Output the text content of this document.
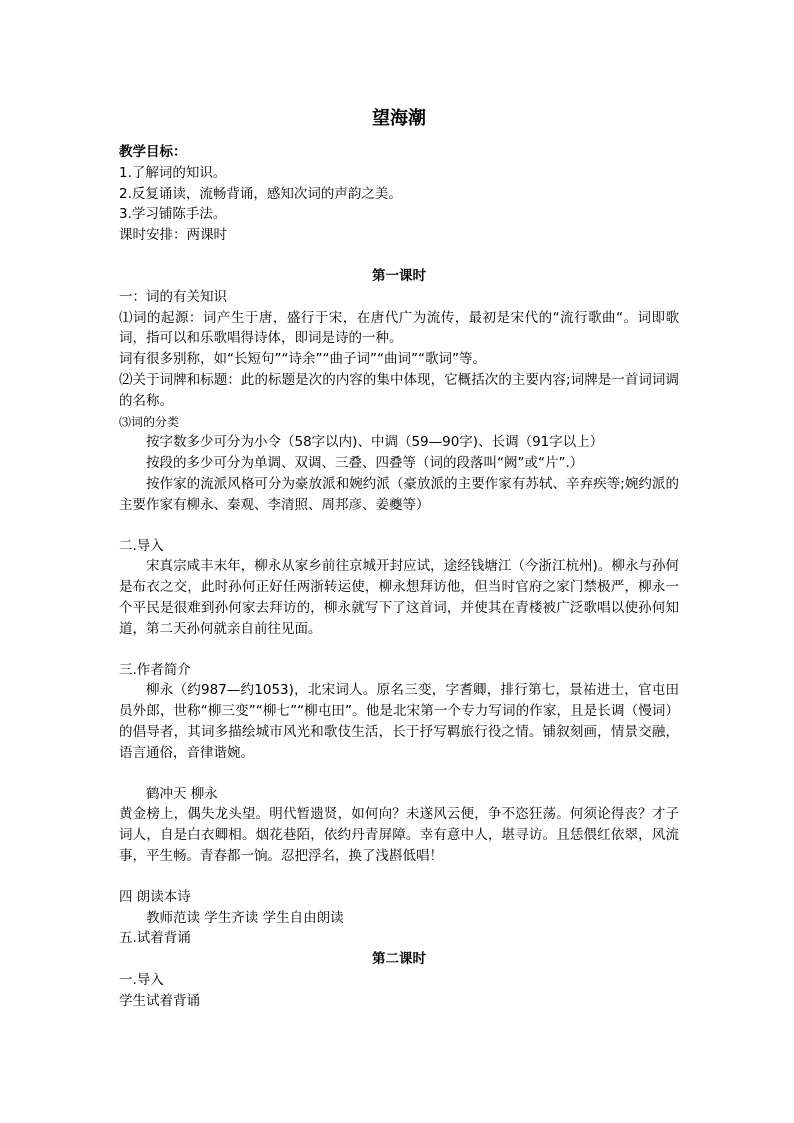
望海潮

教学目标：

1.了解词的知识。

2.反复诵读，流畅背诵，感知次词的声韵之美。

3.学习铺陈手法。

课时安排：两课时

第一课时

一：词的有关知识

⑴词的起源：词产生于唐，盛行于宋，在唐代广为流传，最初是宋代的“流行歌曲“。词即歌词，指可以和乐歌唱得诗体，即词是诗的一种。

词有很多别称，如“长短句”“诗余”“曲子词”“曲词”“歌词”等。

⑵关于词牌和标题：此的标题是次的内容的集中体现，它概括次的主要内容;词牌是一首词词调的名称。

⑶词的分类

按字数多少可分为小令（58字以内)、中调（59—90字)、长调（91字以上）

按段的多少可分为单调、双调、三叠、四叠等（词的段落叫“阙”或“片”.）

按作家的流派风格可分为豪放派和婉约派（豪放派的主要作家有苏轼、辛弃疾等;婉约派的主要作家有柳永、秦观、李清照、周邦彦、姜夔等）

二.导入

宋真宗咸丰末年，柳永从家乡前往京城开封应试，途经钱塘江（今浙江杭州)。柳永与孙何是布衣之交，此时孙何正好任两浙转运使，柳永想拜访他，但当时官府之家门禁极严，柳永一个平民是很难到孙何家去拜访的，柳永就写下了这首词，并使其在青楼被广泛歌唱以使孙何知道，第二天孙何就亲自前往见面。

三.作者简介

柳永（约987—约1053)，北宋词人。原名三变，字耆卿，排行第七，景祐进士，官屯田员外郎，世称“柳三变”“柳七”“柳屯田”。他是北宋第一个专力写词的作家，且是长调（慢词）的倡导者，其词多描绘城市风光和歌伎生活，长于抒写羁旅行役之情。铺叙刻画，情景交融，语言通俗，音律谐婉。

鹤冲天 柳永

黄金榜上，偶失龙头望。明代暂遗贤，如何向？未遂风云便，争不恣狂荡。何须论得丧？才子词人，自是白衣卿相。烟花巷陌，依约丹青屏障。幸有意中人，堪寻访。且恁偎红依翠，风流事，平生畅。青春都一饷。忍把浮名，换了浅斟低唱！

四 朗读本诗

教师范读 学生齐读 学生自由朗读

五.试着背诵

第二课时

一.导入

学生试着背诵
